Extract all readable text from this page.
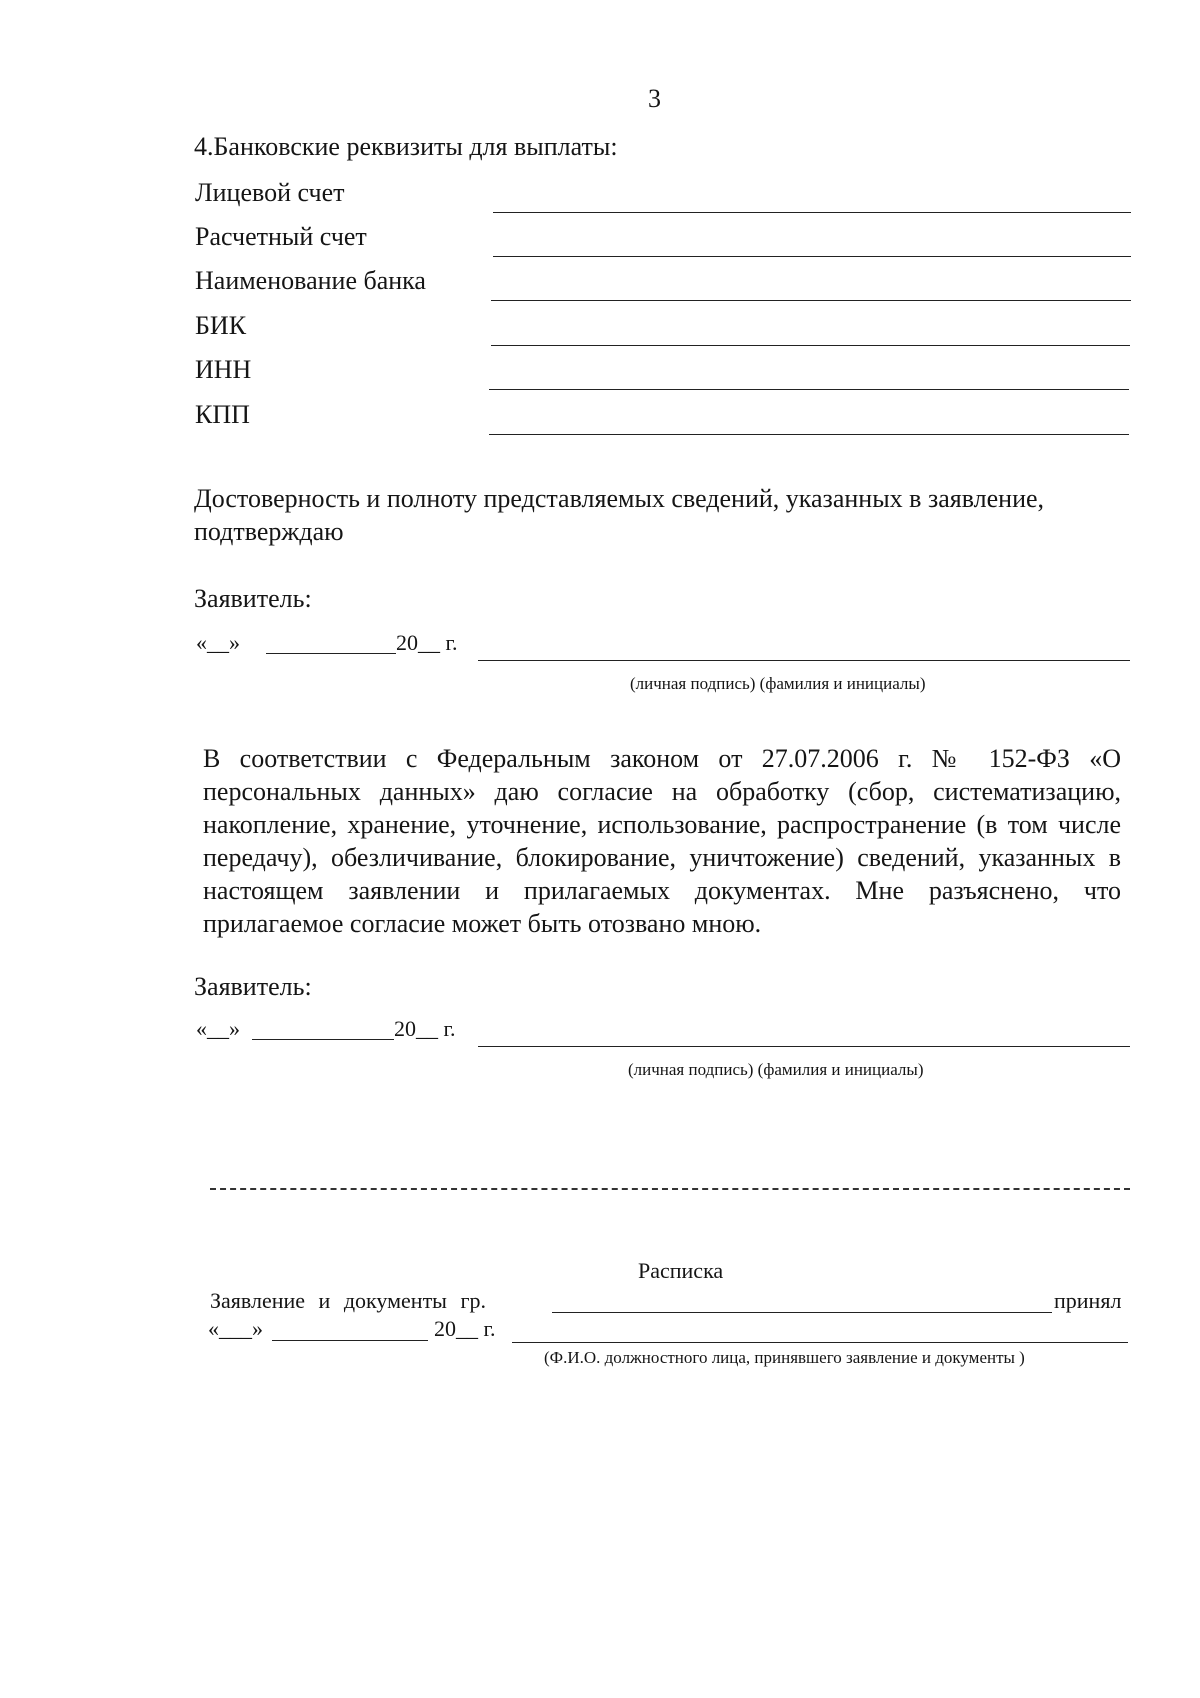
3
4.Банковские реквизиты для выплаты:
Лицевой счет
Расчетный счет
Наименование банка
БИК
ИНН
КПП
Достоверность и полноту представляемых сведений, указанных в заявление, подтверждаю
Заявитель:
«__»	20__ г.
(личная подпись) (фамилия и инициалы)
В соответствии с Федеральным законом от 27.07.2006 г. № 152-ФЗ «О персональных данных» даю согласие на обработку (сбор, систематизацию, накопление, хранение, уточнение, использование, распространение (в том числе передачу), обезличивание, блокирование, уничтожение) сведений, указанных в настоящем заявлении и прилагаемых документах. Мне разъяснено, что прилагаемое согласие может быть отозвано мною.
Заявитель:
«__»	20__ г.
(личная подпись) (фамилия и инициалы)
Расписка
Заявление и документы гр.	принял
«___»	20__ г.
(Ф.И.О. должностного лица, принявшего заявление и документы )
